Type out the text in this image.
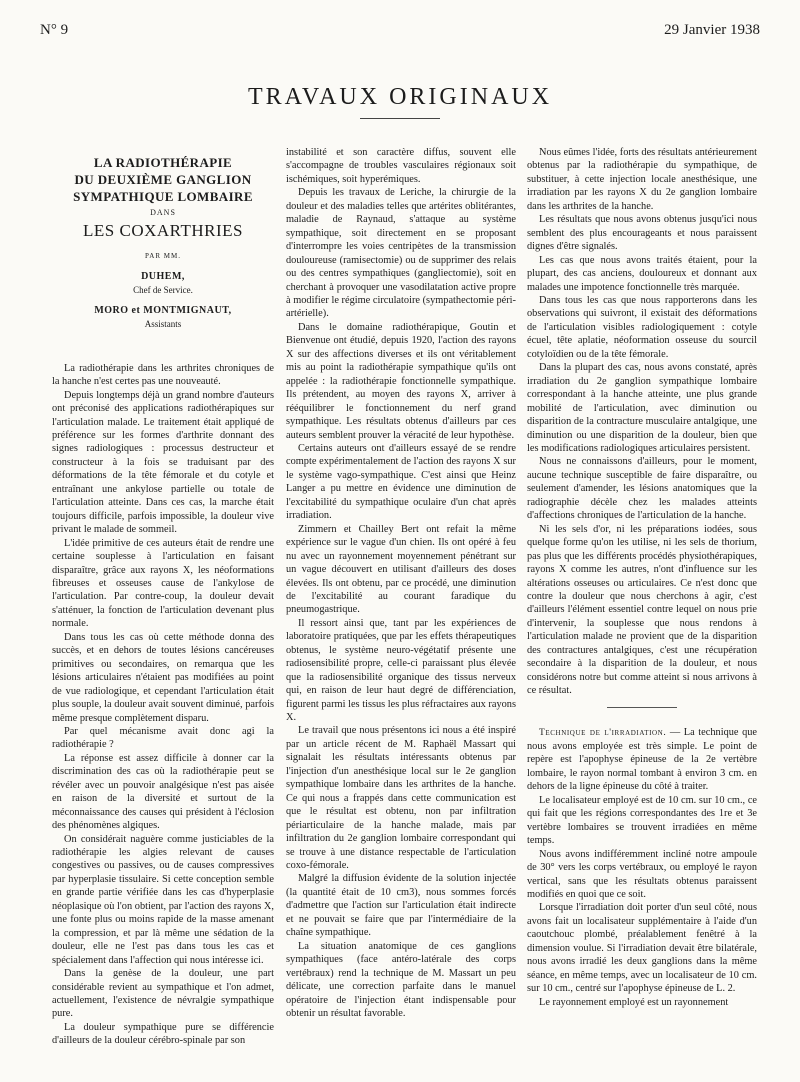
N° 9	29 Janvier 1938
TRAVAUX ORIGINAUX
LA RADIOTHÉRAPIE
DU DEUXIÈME GANGLION
SYMPATHIQUE LOMBAIRE
DANS
LES COXARTHRIES
PAR MM.
DUHEM,
Chef de Service.
MORO et MONTMIGNAUT,
Assistants

La radiothérapie dans les arthrites chroniques de la hanche n'est certes pas une nouveauté.

Depuis longtemps déjà un grand nombre d'auteurs ont préconisé des applications radiothérapiques sur l'articulation malade. Le traitement était appliqué de préférence sur les formes d'arthrite donnant des signes radiologiques : processus destructeur et constructeur à la fois se traduisant par des déformations de la tête fémorale et du cotyle et entraînant une ankylose partielle ou totale de l'articulation atteinte. Dans ces cas, la marche était toujours difficile, parfois impossible, la douleur vive privant le malade de sommeil.

L'idée primitive de ces auteurs était de rendre une certaine souplesse à l'articulation en faisant disparaître, grâce aux rayons X, les néoformations fibreuses et osseuses cause de l'ankylose de l'articulation. Par contre-coup, la douleur devait s'atténuer, la fonction de l'articulation devenant plus normale.

Dans tous les cas où cette méthode donna des succès, et en dehors de toutes lésions cancéreuses primitives ou secondaires, on remarqua que les lésions articulaires n'étaient pas modifiées au point de vue radiologique, et cependant l'articulation était plus souple, la douleur avait souvent diminué, parfois même presque complètement disparu.

Par quel mécanisme avait donc agi la radiothérapie ?

La réponse est assez difficile à donner car la discrimination des cas où la radiothérapie peut se révéler avec un pouvoir analgésique n'est pas aisée en raison de la diversité et surtout de la méconnaissance des causes qui président à l'éclosion des phénomènes algiques.

On considérait naguère comme justiciables de la radiothérapie les algies relevant de causes congestives ou passives, ou de causes compressives par hyperplasie tissulaire. Si cette conception semble en grande partie vérifiée dans les cas d'hyperplasie néoplasique où l'on obtient, par l'action des rayons X, une fonte plus ou moins rapide de la masse amenant la compression, et par là même une sédation de la douleur, elle ne l'est pas dans tous les cas et spécialement dans l'affection qui nous intéresse ici.

Dans la genèse de la douleur, une part considérable revient au sympathique et l'on admet, actuellement, l'existence de névralgie sympathique pure.

La douleur sympathique pure se différencie d'ailleurs de la douleur cérébro-spinale par son

instabilité et son caractère diffus, souvent elle s'accompagne de troubles vasculaires régionaux soit ischémiques, soit hyperémiques.

Depuis les travaux de Leriche, la chirurgie de la douleur et des maladies telles que artérites oblitérantes, maladie de Raynaud, s'attaque au système sympathique, soit directement en se proposant d'interrompre les voies centripètes de la transmission douloureuse (ramisectomie) ou de supprimer des relais ou des centres sympathiques (gangliectomie), soit en cherchant à provoquer une vasodilatation active propre à modifier le régime circulatoire (sympathectomie péri-artérielle).

Dans le domaine radiothérapique, Goutin et Bienvenue ont étudié, depuis 1920, l'action des rayons X sur des affections diverses et ils ont véritablement mis au point la radiothérapie sympathique qu'ils ont appelée : la radiothérapie fonctionnelle sympathique. Ils prétendent, au moyen des rayons X, arriver à rééquilibrer le fonctionnement du nerf grand sympathique. Les résultats obtenus d'ailleurs par ces auteurs semblent prouver la véracité de leur hypothèse.

Certains auteurs ont d'ailleurs essayé de se rendre compte expérimentalement de l'action des rayons X sur le système vago-sympathique. C'est ainsi que Heinz Langer a pu mettre en évidence une diminution de l'excitabilité du sympathique oculaire d'un chat après irradiation.

Zimmern et Chailley Bert ont refait la même expérience sur le vague d'un chien. Ils ont opéré à feu nu avec un rayonnement moyennement pénétrant sur un vague découvert en utilisant d'ailleurs des doses élevées. Ils ont obtenu, par ce procédé, une diminution de l'excitabilité au courant faradique du pneumogastrique.

Il ressort ainsi que, tant par les expériences de laboratoire pratiquées, que par les effets thérapeutiques obtenus, le système neuro-végétatif présente une radiosensibilité propre, celle-ci paraissant plus élevée que la radiosensibilité organique des tissus nerveux qui, en raison de leur haut degré de différenciation, figurent parmi les tissus les plus réfractaires aux rayons X.

Le travail que nous présentons ici nous a été inspiré par un article récent de M. Raphaël Massart qui signalait les résultats intéressants obtenus par l'injection d'un anesthésique local sur le 2e ganglion sympathique lombaire dans les arthrites de la hanche. Ce qui nous a frappés dans cette communication est que le résultat est obtenu, non par infiltration périarticulaire de la hanche malade, mais par infiltration du 2e ganglion lombaire correspondant qui se trouve à une distance respectable de l'articulation coxo-fémorale.

Malgré la diffusion évidente de la solution injectée (la quantité était de 10 cm3), nous sommes forcés d'admettre que l'action sur l'articulation était indirecte et ne pouvait se faire que par l'intermédiaire de la chaîne sympathique.

La situation anatomique de ces ganglions sympathiques (face antéro-latérale des corps vertébraux) rend la technique de M. Massart un peu délicate, une correction parfaite dans le manuel opératoire de l'injection étant indispensable pour obtenir un résultat favorable.

Nous eûmes l'idée, forts des résultats antérieurement obtenus par la radiothérapie du sympathique, de substituer, à cette injection locale anesthésique, une irradiation par les rayons X du 2e ganglion lombaire dans les arthrites de la hanche.

Les résultats que nous avons obtenus jusqu'ici nous semblent des plus encourageants et nous paraissent dignes d'être signalés.

Les cas que nous avons traités étaient, pour la plupart, des cas anciens, douloureux et donnant aux malades une impotence fonctionnelle très marquée.

Dans tous les cas que nous rapporterons dans les observations qui suivront, il existait des déformations de l'articulation visibles radiologiquement : cotyle écuel, tête aplatie, néoformation osseuse du sourcil cotyloïdien ou de la tête fémorale.

Dans la plupart des cas, nous avons constaté, après irradiation du 2e ganglion sympathique lombaire correspondant à la hanche atteinte, une plus grande mobilité de l'articulation, avec diminution ou disparition de la contracture musculaire antalgique, une diminution ou une disparition de la douleur, bien que les modifications radiologiques articulaires persistent.

Nous ne connaissons d'ailleurs, pour le moment, aucune technique susceptible de faire disparaître, ou seulement d'amender, les lésions anatomiques que la radiographie décèle chez les malades atteints d'affections chroniques de l'articulation de la hanche.

Ni les sels d'or, ni les préparations iodées, sous quelque forme qu'on les utilise, ni les sels de thorium, pas plus que les différents procédés physiothérapiques, rayons X comme les autres, n'ont d'influence sur les altérations osseuses ou articulaires. Ce n'est donc que contre la douleur que nous cherchons à agir, c'est d'ailleurs l'élément essentiel contre lequel on nous prie d'intervenir, la souplesse que nous rendons à l'articulation malade ne provient que de la disparition des contractures antalgiques, c'est une récupération secondaire à la disparition de la douleur, et nous considérons notre but comme atteint si nous arrivons à ce résultat.

Technique de l'irradiation. — La technique que nous avons employée est très simple. Le point de repère est l'apophyse épineuse de la 2e vertèbre lombaire, le rayon normal tombant à environ 3 cm. en dehors de la ligne épineuse du côté à traiter.

Le localisateur employé est de 10 cm. sur 10 cm., ce qui fait que les régions correspondantes des 1re et 3e vertèbre lombaires se trouvent irradiées en même temps.

Nous avons indifféremment incliné notre ampoule de 30° vers les corps vertébraux, ou employé le rayon vertical, sans que les résultats obtenus paraissent modifiés en quoi que ce soit.

Lorsque l'irradiation doit porter d'un seul côté, nous avons fait un localisateur supplémentaire à l'aide d'un caoutchouc plombé, préalablement fenêtré à la dimension voulue. Si l'irradiation devait être bilatérale, nous avons irradié les deux ganglions dans la même séance, en même temps, avec un localisateur de 10 cm. sur 10 cm., centré sur l'apophyse épineuse de L. 2.

Le rayonnement employé est un rayonnement
